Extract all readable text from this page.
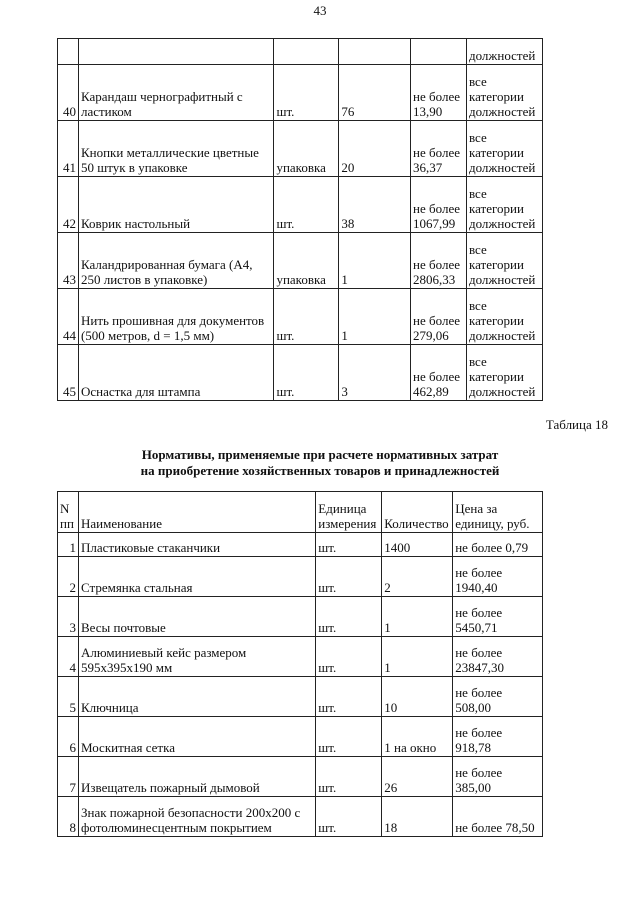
43
					должностей
40	Карандаш чернографитный с ластиком	шт.	76	не более 13,90	все категории должностей
41	Кнопки металлические цветные 50 штук в упаковке	упаковка	20	не более 36,37	все категории должностей
42	Коврик настольный	шт.	38	не более 1067,99	все категории должностей
43	Каландрированная бумага (А4, 250 листов в упаковке)	упаковка	1	не более 2806,33	все категории должностей
44	Нить прошивная для документов (500 метров, d = 1,5 мм)	шт.	1	не более 279,06	все категории должностей
45	Оснастка для штампа	шт.	3	не более 462,89	все категории должностей
Таблица 18
Нормативы, применяемые при расчете нормативных затрат
на приобретение хозяйственных товаров и принадлежностей
N пп	Наименование	Единица измерения	Количество	Цена за единицу, руб.
1	Пластиковые стаканчики	шт.	1400	не более 0,79
2	Стремянка стальная	шт.	2	не более 1940,40
3	Весы почтовые	шт.	1	не более 5450,71
4	Алюминиевый кейс размером 595x395x190 мм	шт.	1	не более 23847,30
5	Ключница	шт.	10	не более 508,00
6	Москитная сетка	шт.	1 на окно	не более 918,78
7	Извещатель пожарный дымовой	шт.	26	не более 385,00
8	Знак пожарной безопасности 200x200 с фотолюминесцентным покрытием	шт.	18	не более 78,50
